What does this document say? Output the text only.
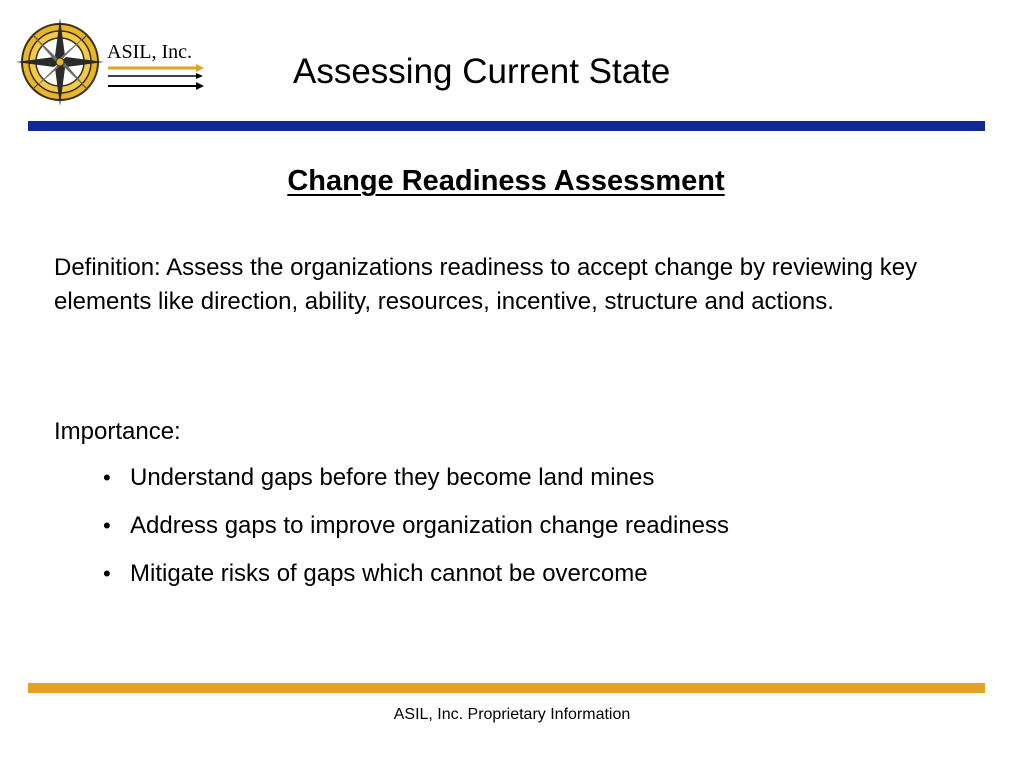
ASIL, Inc.	Assessing Current State
Change Readiness Assessment

Definition: Assess the organizations readiness to accept change by reviewing key elements like direction, ability, resources, incentive, structure and actions.

Importance:
• Understand gaps before they become land mines
• Address gaps to improve organization change readiness
• Mitigate risks of gaps which cannot be overcome
ASIL, Inc. Proprietary Information
